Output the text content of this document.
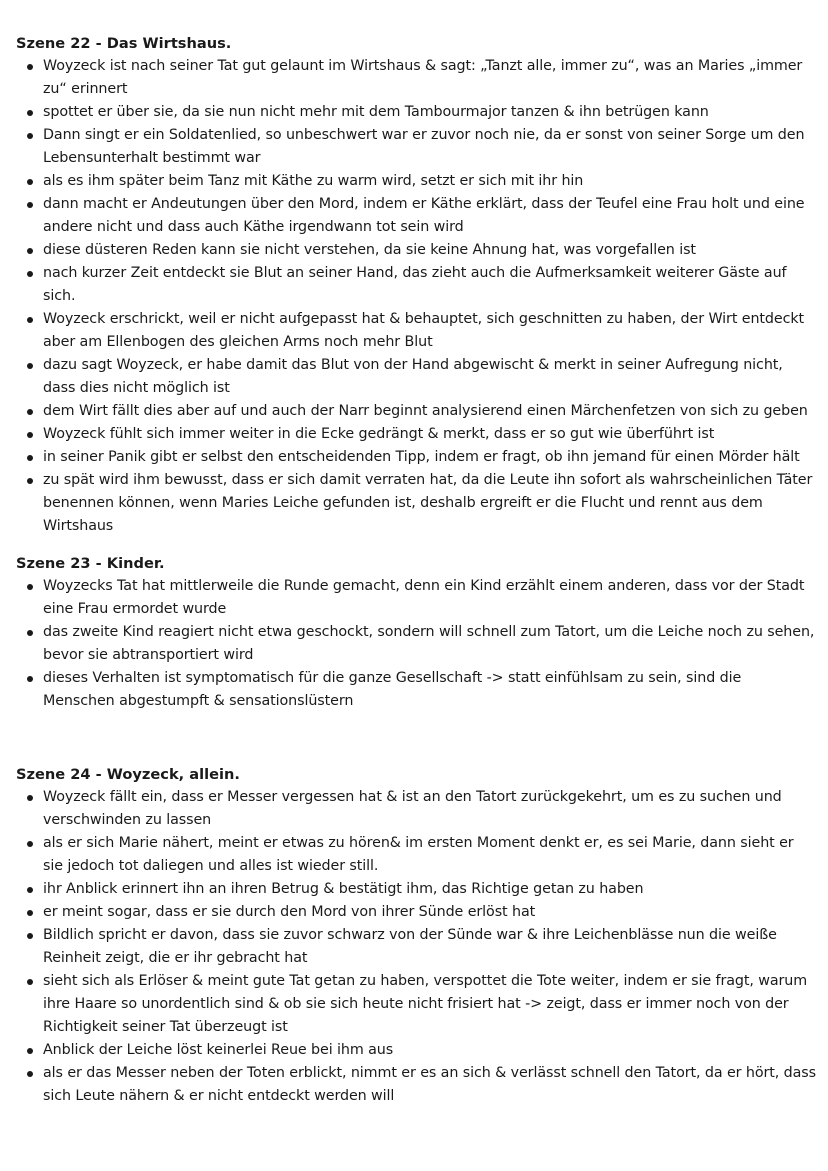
Szene 22 - Das Wirtshaus.
Woyzeck ist nach seiner Tat gut gelaunt im Wirtshaus & sagt: „Tanzt alle, immer zu“, was an Maries „immer zu“ erinnert
spottet er über sie, da sie nun nicht mehr mit dem Tambourmajor tanzen & ihn betrügen kann
Dann singt er ein Soldatenlied, so unbeschwert war er zuvor noch nie, da er sonst von seiner Sorge um den Lebensunterhalt bestimmt war
als es ihm später beim Tanz mit Käthe zu warm wird, setzt er sich mit ihr hin
dann macht er Andeutungen über den Mord, indem er Käthe erklärt, dass der Teufel eine Frau holt und eine andere nicht und dass auch Käthe irgendwann tot sein wird
diese düsteren Reden kann sie nicht verstehen, da sie keine Ahnung hat, was vorgefallen ist
nach kurzer Zeit entdeckt sie Blut an seiner Hand, das zieht auch die Aufmerksamkeit weiterer Gäste auf sich.
Woyzeck erschrickt, weil er nicht aufgepasst hat & behauptet, sich geschnitten zu haben, der Wirt entdeckt aber am Ellenbogen des gleichen Arms noch mehr Blut
dazu sagt Woyzeck, er habe damit das Blut von der Hand abgewischt & merkt in seiner Aufregung nicht, dass dies nicht möglich ist
dem Wirt fällt dies aber auf und auch der Narr beginnt analysierend einen Märchenfetzen von sich zu geben
Woyzeck fühlt sich immer weiter in die Ecke gedrängt & merkt, dass er so gut wie überführt ist
in seiner Panik gibt er selbst den entscheidenden Tipp, indem er fragt, ob ihn jemand für einen Mörder hält
zu spät wird ihm bewusst, dass er sich damit verraten hat, da die Leute ihn sofort als wahrscheinlichen Täter benennen können, wenn Maries Leiche gefunden ist, deshalb ergreift er die Flucht und rennt aus dem Wirtshaus
Szene 23 - Kinder.
Woyzecks Tat hat mittlerweile die Runde gemacht, denn ein Kind erzählt einem anderen, dass vor der Stadt eine Frau ermordet wurde
das zweite Kind reagiert nicht etwa geschockt, sondern will schnell zum Tatort, um die Leiche noch zu sehen, bevor sie abtransportiert wird
dieses Verhalten ist symptomatisch für die ganze Gesellschaft -> statt einfühlsam zu sein, sind die Menschen abgestumpft & sensationslüstern
Szene 24 - Woyzeck, allein.
Woyzeck fällt ein, dass er Messer vergessen hat & ist an den Tatort zurückgekehrt, um es zu suchen und verschwinden zu lassen
als er sich Marie nähert, meint er etwas zu hören& im ersten Moment denkt er, es sei Marie, dann sieht er sie jedoch tot daliegen und alles ist wieder still.
ihr Anblick erinnert ihn an ihren Betrug & bestätigt ihm, das Richtige getan zu haben
er meint sogar, dass er sie durch den Mord von ihrer Sünde erlöst hat
Bildlich spricht er davon, dass sie zuvor schwarz von der Sünde war & ihre Leichenblässe nun die weiße Reinheit zeigt, die er ihr gebracht hat
sieht sich als Erlöser & meint gute Tat getan zu haben, verspottet die Tote weiter, indem er sie fragt, warum ihre Haare so unordentlich sind & ob sie sich heute nicht frisiert hat -> zeigt, dass er immer noch von der Richtigkeit seiner Tat überzeugt ist
Anblick der Leiche löst keinerlei Reue bei ihm aus
als er das Messer neben der Toten erblickt, nimmt er es an sich & verlässt schnell den Tatort, da er hört, dass sich Leute nähern & er nicht entdeckt werden will
